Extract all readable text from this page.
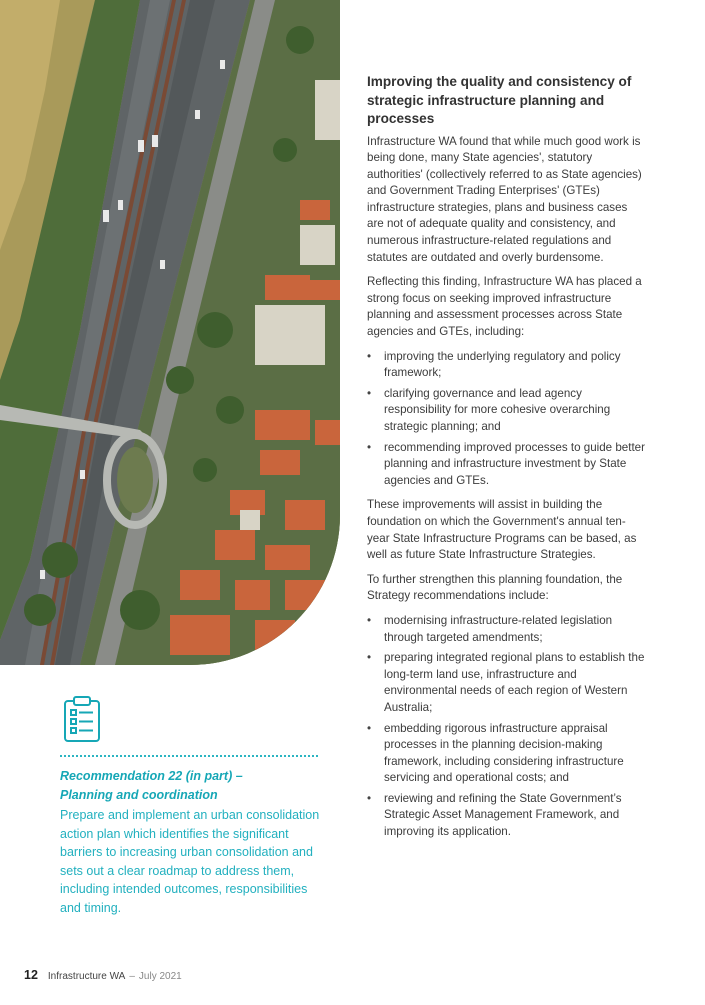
Recommendation 22 (in part) –
Planning and coordination
Prepare and implement an urban consolidation action plan which identifies the significant barriers to increasing urban consolidation and sets out a clear roadmap to address them, including intended outcomes, responsibilities and timing.
Improving the quality and consistency of strategic infrastructure planning and processes

Infrastructure WA found that while much good work is being done, many State agencies', statutory authorities' (collectively referred to as State agencies) and Government Trading Enterprises' (GTEs) infrastructure strategies, plans and business cases are not of adequate quality and consistency, and numerous infrastructure-related regulations and statutes are outdated and overly burdensome.

Reflecting this finding, Infrastructure WA has placed a strong focus on seeking improved infrastructure planning and assessment processes across State agencies and GTEs, including:

• improving the underlying regulatory and policy framework;
• clarifying governance and lead agency responsibility for more cohesive overarching strategic planning; and
• recommending improved processes to guide better planning and infrastructure investment by State agencies and GTEs.

These improvements will assist in building the foundation on which the Government's annual ten-year State Infrastructure Programs can be based, as well as future State Infrastructure Strategies.

To further strengthen this planning foundation, the Strategy recommendations include:

• modernising infrastructure-related legislation through targeted amendments;
• preparing integrated regional plans to establish the long-term land use, infrastructure and environmental needs of each region of Western Australia;
• embedding rigorous infrastructure appraisal processes in the planning decision-making framework, including considering infrastructure servicing and operational costs; and
• reviewing and refining the State Government’s Strategic Asset Management Framework, and improving its application.
12 Infrastructure WA – July 2021
